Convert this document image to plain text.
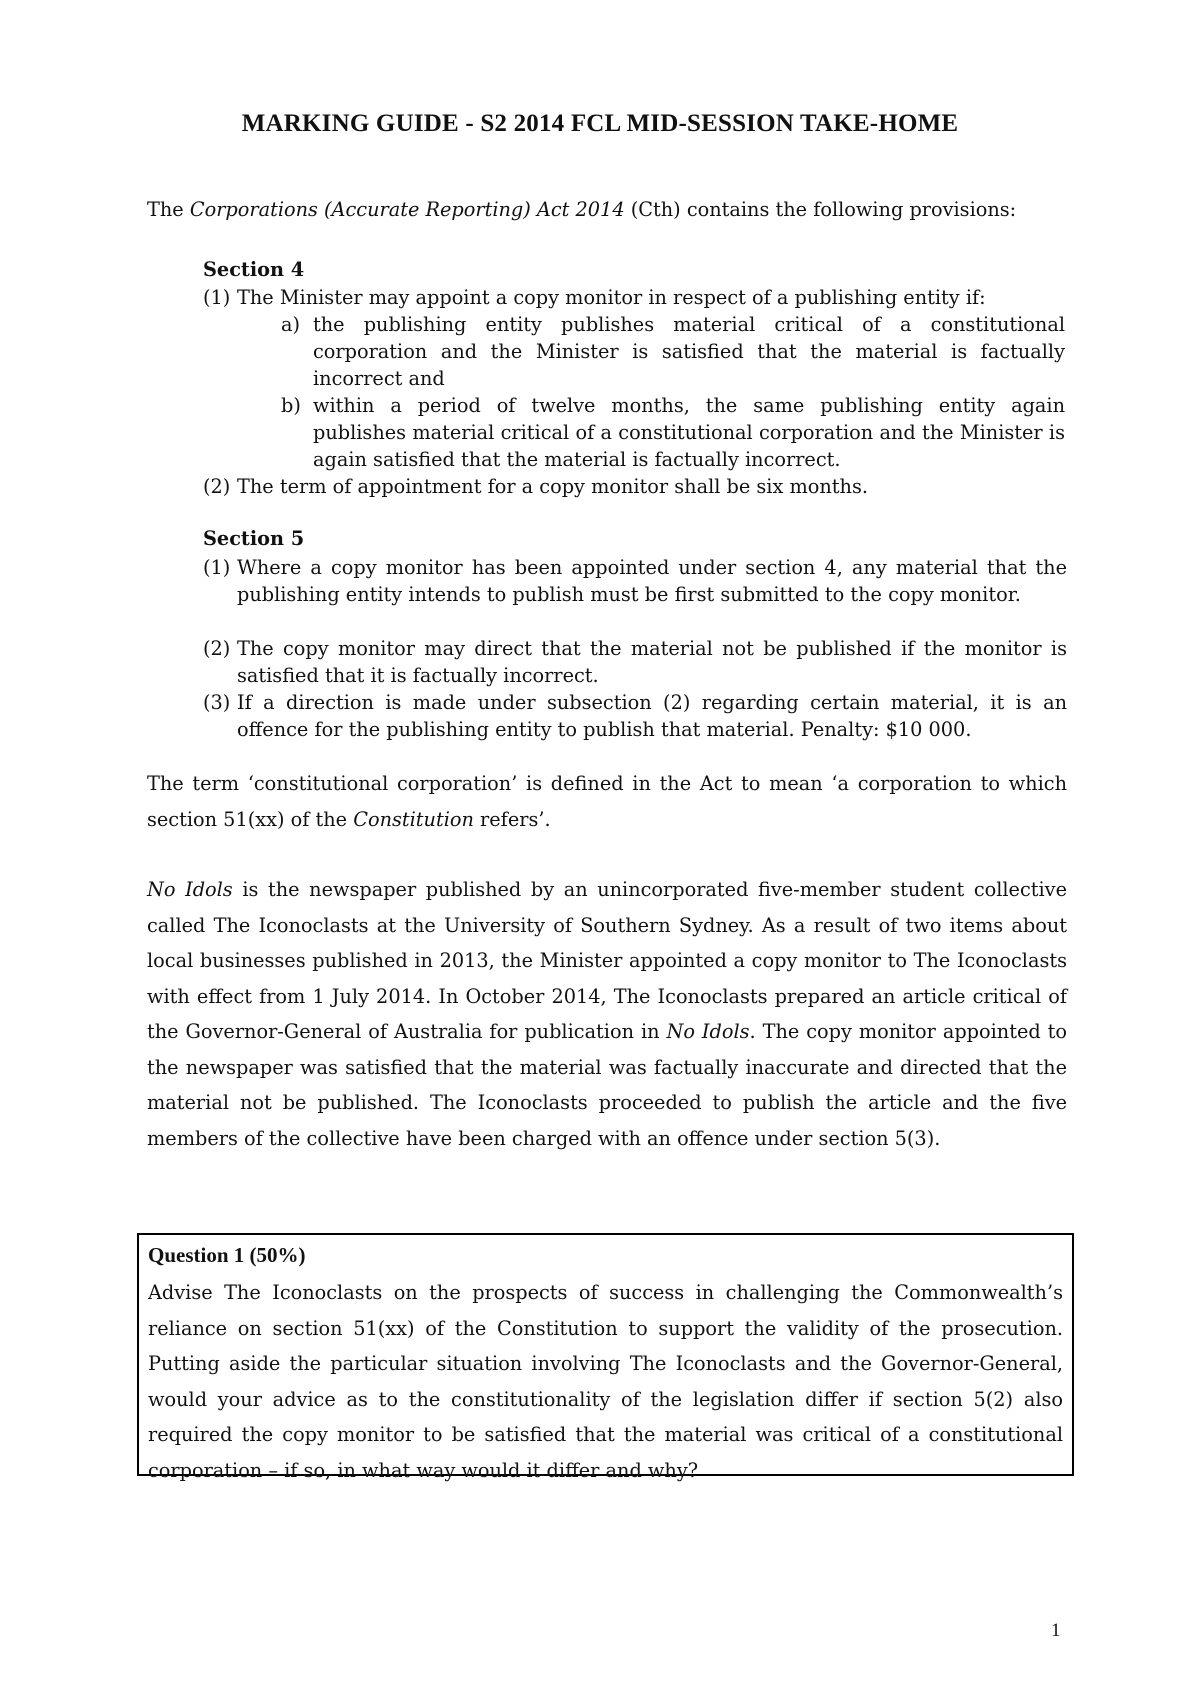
MARKING GUIDE - S2 2014 FCL MID-SESSION TAKE-HOME
The Corporations (Accurate Reporting) Act 2014 (Cth) contains the following provisions:
Section 4
(1) The Minister may appoint a copy monitor in respect of a publishing entity if:
a) the publishing entity publishes material critical of a constitutional corporation and the Minister is satisfied that the material is factually incorrect and
b) within a period of twelve months, the same publishing entity again publishes material critical of a constitutional corporation and the Minister is again satisfied that the material is factually incorrect.
(2) The term of appointment for a copy monitor shall be six months.
Section 5
(1) Where a copy monitor has been appointed under section 4, any material that the publishing entity intends to publish must be first submitted to the copy monitor.
(2) The copy monitor may direct that the material not be published if the monitor is satisfied that it is factually incorrect.
(3) If a direction is made under subsection (2) regarding certain material, it is an offence for the publishing entity to publish that material. Penalty: $10 000.
The term ‘constitutional corporation’ is defined in the Act to mean ‘a corporation to which section 51(xx) of the Constitution refers’.
No Idols is the newspaper published by an unincorporated five-member student collective called The Iconoclasts at the University of Southern Sydney. As a result of two items about local businesses published in 2013, the Minister appointed a copy monitor to The Iconoclasts with effect from 1 July 2014. In October 2014, The Iconoclasts prepared an article critical of the Governor-General of Australia for publication in No Idols. The copy monitor appointed to the newspaper was satisfied that the material was factually inaccurate and directed that the material not be published. The Iconoclasts proceeded to publish the article and the five members of the collective have been charged with an offence under section 5(3).
Question 1 (50%)
Advise The Iconoclasts on the prospects of success in challenging the Commonwealth’s reliance on section 51(xx) of the Constitution to support the validity of the prosecution. Putting aside the particular situation involving The Iconoclasts and the Governor-General, would your advice as to the constitutionality of the legislation differ if section 5(2) also required the copy monitor to be satisfied that the material was critical of a constitutional corporation – if so, in what way would it differ and why?
1
